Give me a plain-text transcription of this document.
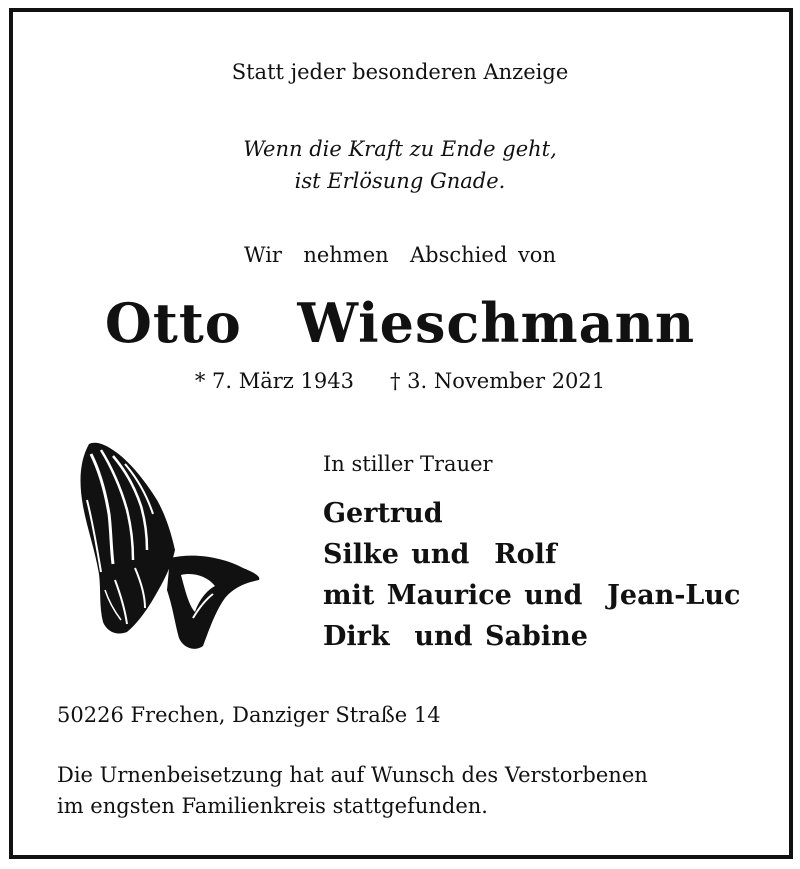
Statt jeder besonderen Anzeige
Wenn die Kraft zu Ende geht,
ist Erlösung Gnade.
Wir  nehmen  Abschied von
Otto  Wieschmann
* 7. März 1943 † 3. November 2021
In stiller Trauer
Gertrud
Silke und  Rolf
mit Maurice und  Jean-Luc
Dirk  und Sabine
50226 Frechen, Danziger Straße 14
Die Urnenbeisetzung hat auf Wunsch des Verstorbenen
im engsten Familienkreis stattgefunden.
